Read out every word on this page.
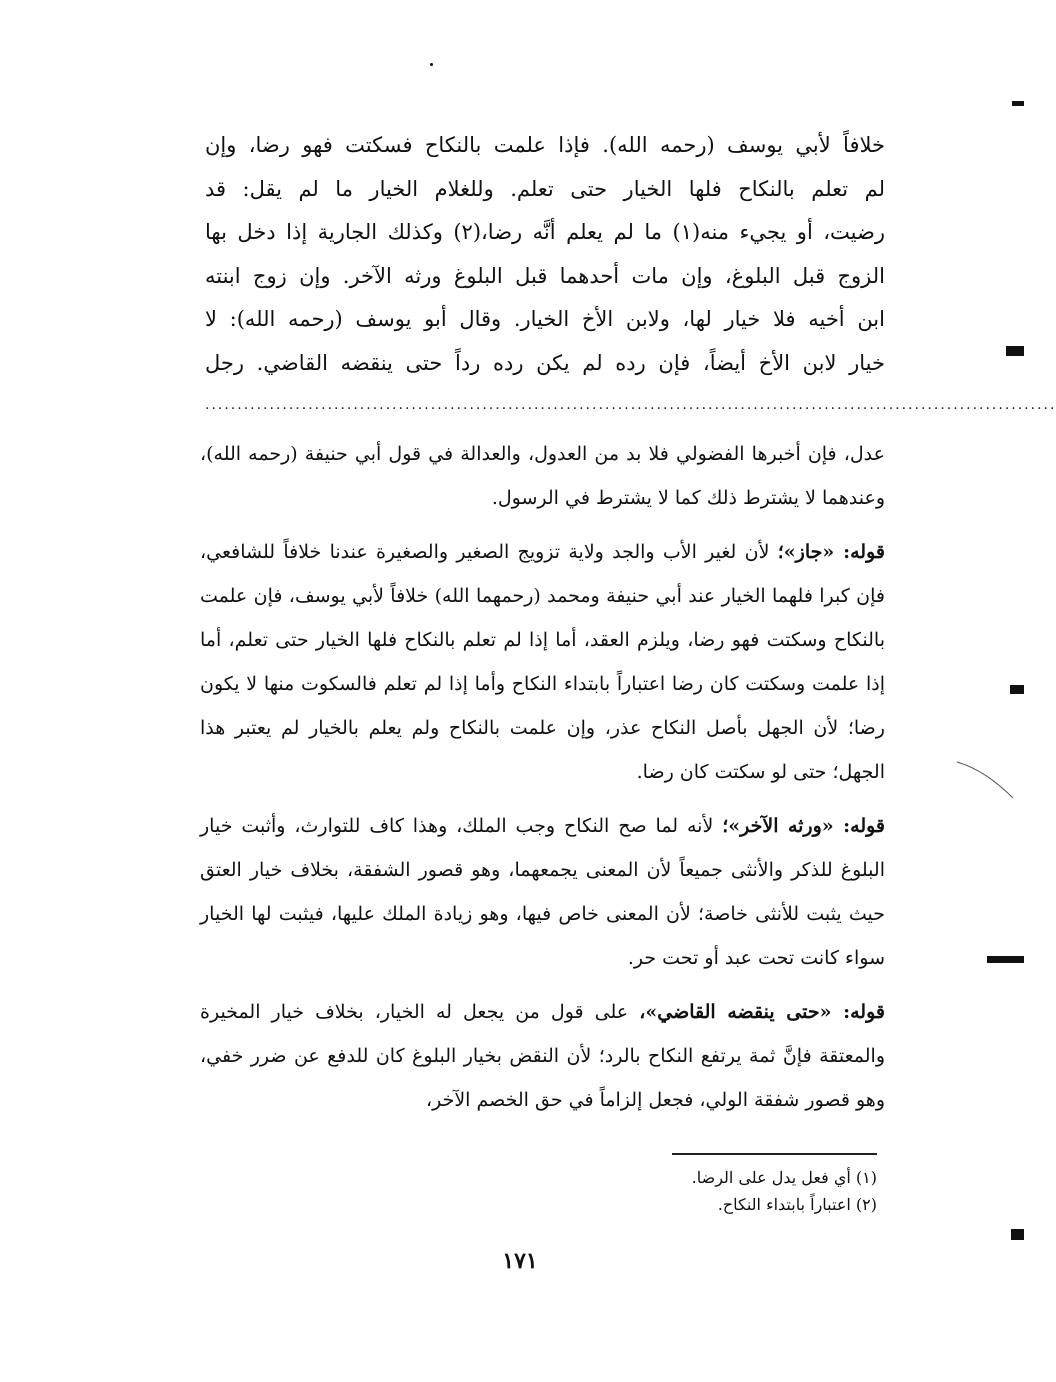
خلافاً لأبي يوسف (رحمه الله). فإذا علمت بالنكاح فسكتت فهو رضا، وإن
لم تعلم بالنكاح فلها الخيار حتى تعلم. وللغلام الخيار ما لم يقل: قد
رضيت، أو يجيء منه(١) ما لم يعلم أنَّه رضا،(٢) وكذلك الجارية إذا دخل بها
الزوج قبل البلوغ، وإن مات أحدهما قبل البلوغ ورثه الآخر. وإن زوج ابنته
ابن أخيه فلا خيار لها، ولابن الأخ الخيار. وقال أبو يوسف (رحمه الله): لا
خيار لابن الأخ أيضاً، فإن رده لم يكن رده رداً حتى ينقضه القاضي. رجل
....................................................................................................................................

عدل، فإن أخبرها الفضولي فلا بد من العدول، والعدالة في قول أبي حنيفة (رحمه الله)، وعندهما لا يشترط ذلك كما لا يشترط في الرسول.

قوله: «جاز»؛ لأن لغير الأب والجد ولاية تزويج الصغير والصغيرة عندنا خلافاً للشافعي، فإن كبرا فلهما الخيار عند أبي حنيفة ومحمد (رحمهما الله) خلافاً لأبي يوسف، فإن علمت بالنكاح وسكتت فهو رضا، ويلزم العقد، أما إذا لم تعلم بالنكاح فلها الخيار حتى تعلم، أما إذا علمت وسكتت كان رضا اعتباراً بابتداء النكاح وأما إذا لم تعلم فالسكوت منها لا يكون رضا؛ لأن الجهل بأصل النكاح عذر، وإن علمت بالنكاح ولم يعلم بالخيار لم يعتبر هذا الجهل؛ حتى لو سكتت كان رضا.

قوله: «ورثه الآخر»؛ لأنه لما صح النكاح وجب الملك، وهذا كاف للتوارث، وأثبت خيار البلوغ للذكر والأنثى جميعاً لأن المعنى يجمعهما، وهو قصور الشفقة، بخلاف خيار العتق حيث يثبت للأنثى خاصة؛ لأن المعنى خاص فيها، وهو زيادة الملك عليها، فيثبت لها الخيار سواء كانت تحت عبد أو تحت حر.

قوله: «حتى ينقضه القاضي»، على قول من يجعل له الخيار، بخلاف خيار المخيرة والمعتقة فإنَّ ثمة يرتفع النكاح بالرد؛ لأن النقض بخيار البلوغ كان للدفع عن ضرر خفي، وهو قصور شفقة الولي، فجعل إلزاماً في حق الخصم الآخر،

(١) أي فعل يدل على الرضا.
(٢) اعتباراً بابتداء النكاح.
١٧١
